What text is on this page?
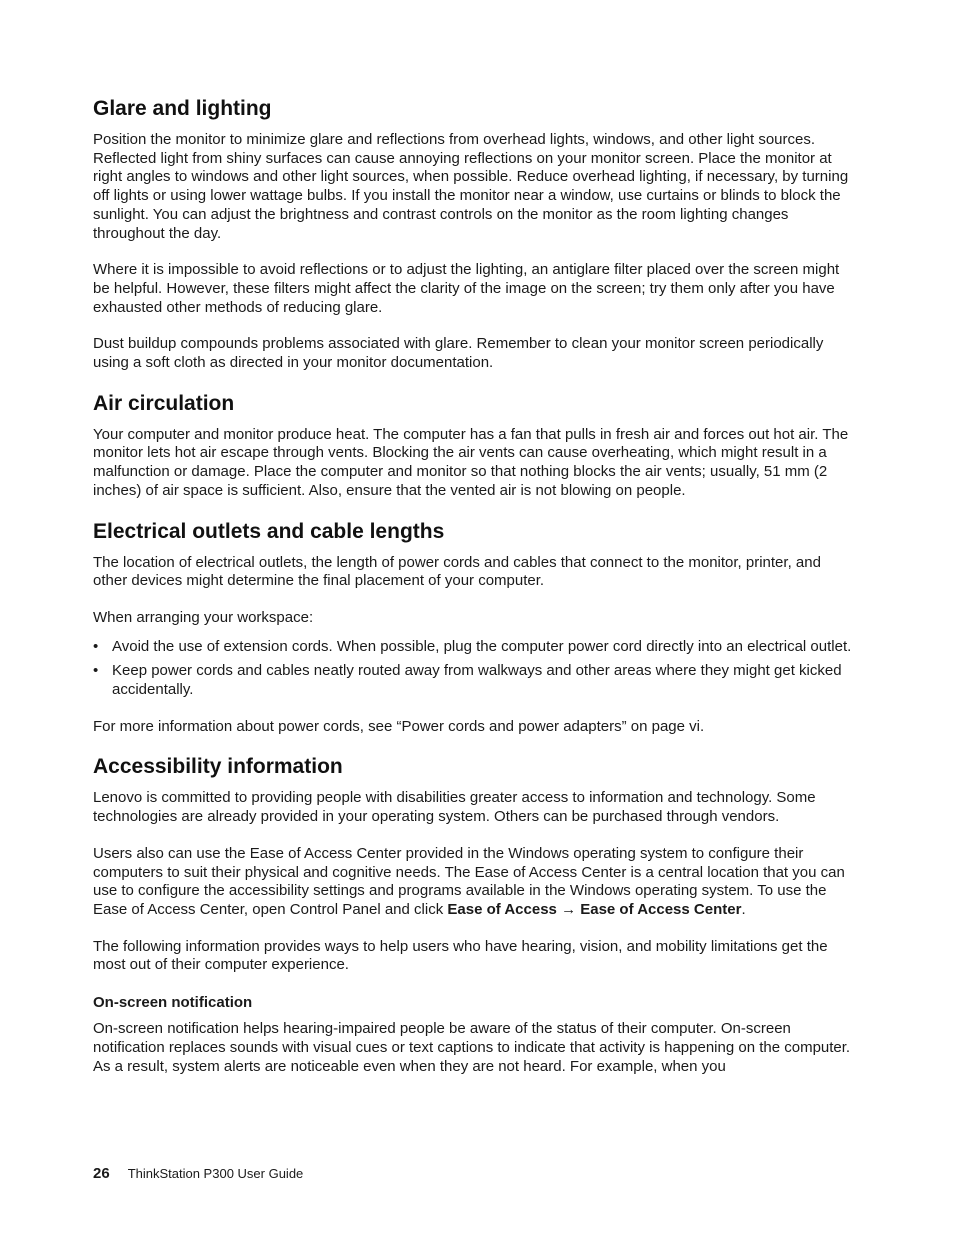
Glare and lighting

Position the monitor to minimize glare and reflections from overhead lights, windows, and other light sources. Reflected light from shiny surfaces can cause annoying reflections on your monitor screen. Place the monitor at right angles to windows and other light sources, when possible. Reduce overhead lighting, if necessary, by turning off lights or using lower wattage bulbs. If you install the monitor near a window, use curtains or blinds to block the sunlight. You can adjust the brightness and contrast controls on the monitor as the room lighting changes throughout the day.

Where it is impossible to avoid reflections or to adjust the lighting, an antiglare filter placed over the screen might be helpful. However, these filters might affect the clarity of the image on the screen; try them only after you have exhausted other methods of reducing glare.

Dust buildup compounds problems associated with glare. Remember to clean your monitor screen periodically using a soft cloth as directed in your monitor documentation.

Air circulation

Your computer and monitor produce heat. The computer has a fan that pulls in fresh air and forces out hot air. The monitor lets hot air escape through vents. Blocking the air vents can cause overheating, which might result in a malfunction or damage. Place the computer and monitor so that nothing blocks the air vents; usually, 51 mm (2 inches) of air space is sufficient. Also, ensure that the vented air is not blowing on people.

Electrical outlets and cable lengths

The location of electrical outlets, the length of power cords and cables that connect to the monitor, printer, and other devices might determine the final placement of your computer.

When arranging your workspace:

• Avoid the use of extension cords. When possible, plug the computer power cord directly into an electrical outlet.
• Keep power cords and cables neatly routed away from walkways and other areas where they might get kicked accidentally.

For more information about power cords, see “Power cords and power adapters” on page vi.

Accessibility information

Lenovo is committed to providing people with disabilities greater access to information and technology. Some technologies are already provided in your operating system. Others can be purchased through vendors.

Users also can use the Ease of Access Center provided in the Windows operating system to configure their computers to suit their physical and cognitive needs. The Ease of Access Center is a central location that you can use to configure the accessibility settings and programs available in the Windows operating system. To use the Ease of Access Center, open Control Panel and click Ease of Access → Ease of Access Center.

The following information provides ways to help users who have hearing, vision, and mobility limitations get the most out of their computer experience.

On-screen notification

On-screen notification helps hearing-impaired people be aware of the status of their computer. On-screen notification replaces sounds with visual cues or text captions to indicate that activity is happening on the computer. As a result, system alerts are noticeable even when they are not heard. For example, when you

26 ThinkStation P300 User Guide
